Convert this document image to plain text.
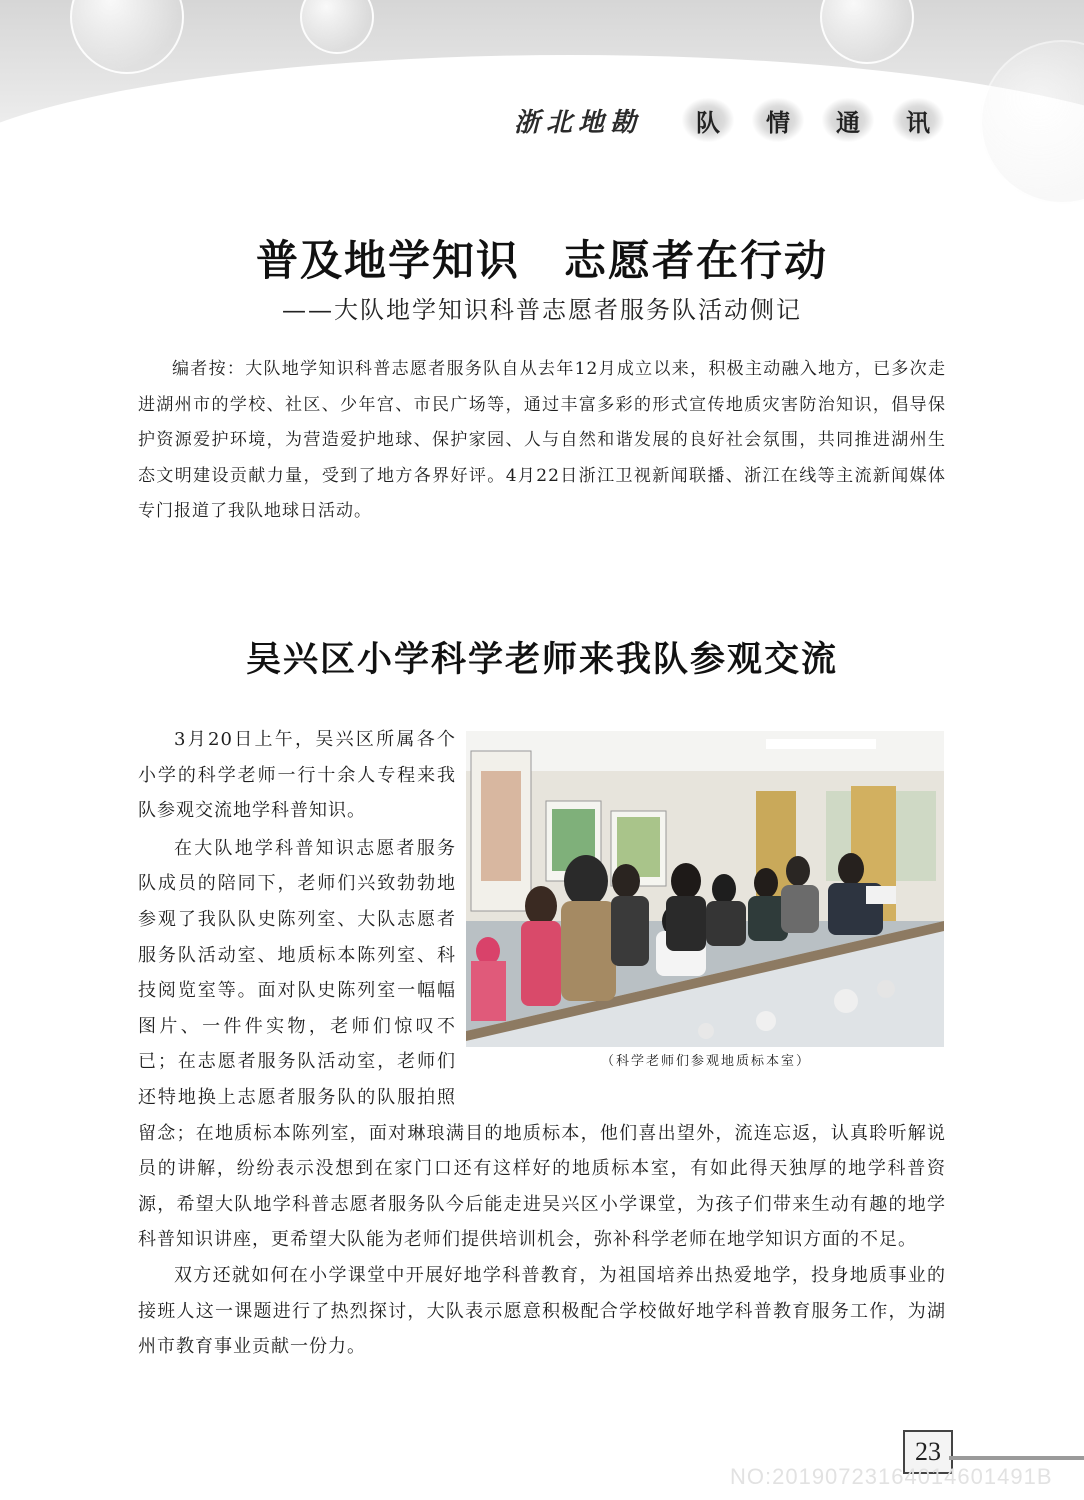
浙北地勘	队	情	通	讯
普及地学知识　志愿者在行动
——大队地学知识科普志愿者服务队活动侧记

编者按：大队地学知识科普志愿者服务队自从去年12月成立以来，积极主动融入地方，已多次走进湖州市的学校、社区、少年宫、市民广场等，通过丰富多彩的形式宣传地质灾害防治知识，倡导保护资源爱护环境，为营造爱护地球、保护家园、人与自然和谐发展的良好社会氛围，共同推进湖州生态文明建设贡献力量，受到了地方各界好评。4月22日浙江卫视新闻联播、浙江在线等主流新闻媒体专门报道了我队地球日活动。

吴兴区小学科学老师来我队参观交流
（科学老师们参观地质标本室）

3月20日上午，吴兴区所属各个小学的科学老师一行十余人专程来我队参观交流地学科普知识。

在大队地学科普知识志愿者服务队成员的陪同下，老师们兴致勃勃地参观了我队队史陈列室、大队志愿者服务队活动室、地质标本陈列室、科技阅览室等。面对队史陈列室一幅幅图片、一件件实物，老师们惊叹不已；在志愿者服务队活动室，老师们还特地换上志愿者服务队的队服拍照留念；在地质标本陈列室，面对琳琅满目的地质标本，他们喜出望外，流连忘返，认真聆听解说员的讲解，纷纷表示没想到在家门口还有这样好的地质标本室，有如此得天独厚的地学科普资源，希望大队地学科普志愿者服务队今后能走进吴兴区小学课堂，为孩子们带来生动有趣的地学科普知识讲座，更希望大队能为老师们提供培训机会，弥补科学老师在地学知识方面的不足。

双方还就如何在小学课堂中开展好地学科普教育，为祖国培养出热爱地学，投身地质事业的接班人这一课题进行了热烈探讨，大队表示愿意积极配合学校做好地学科普教育服务工作，为湖州市教育事业贡献一份力。

23
NO:20190723164014601491B
